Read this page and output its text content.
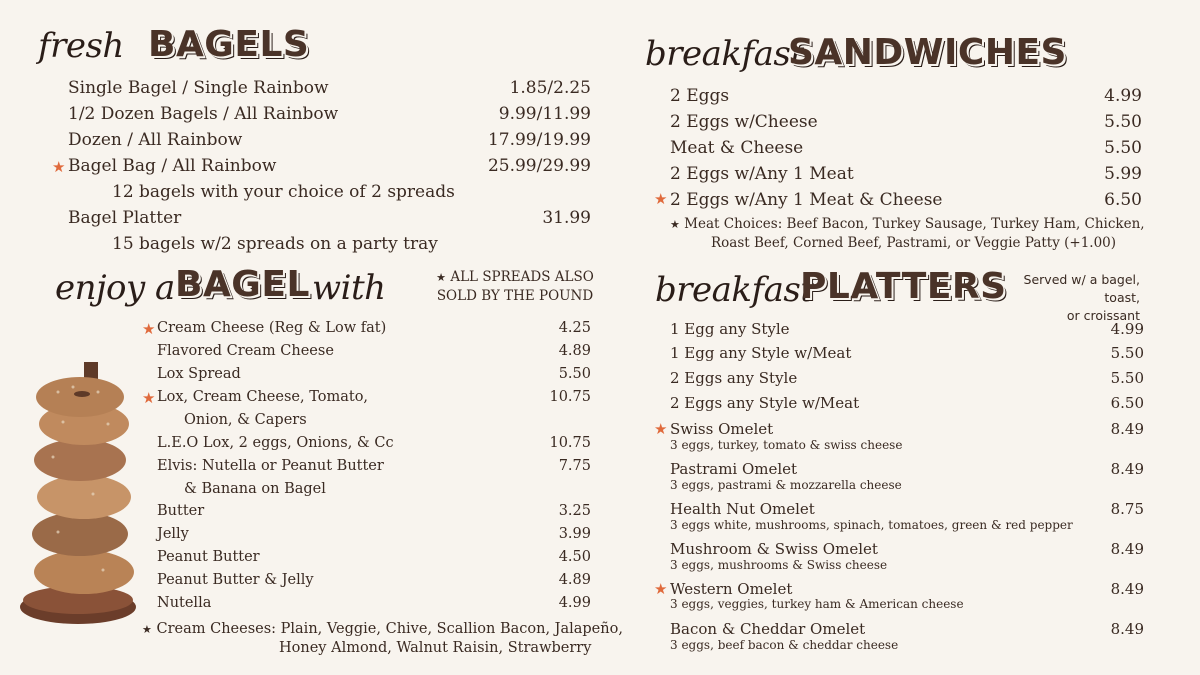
fresh BAGELS
★
Single Bagel / Single Rainbow	1.85/2.25
1/2 Dozen Bagels / All Rainbow	9.99/11.99
Dozen / All Rainbow	17.99/19.99
Bagel Bag / All Rainbow	25.99/29.99
12 bagels with your choice of 2 spreads
Bagel Platter	31.99
15 bagels w/2 spreads on a party tray
enjoy a BAGEL with	★ ALL SPREADS ALSO
SOLD BY THE POUND
★
★
Cream Cheese (Reg & Low fat)	4.25
Flavored Cream Cheese	4.89
Lox Spread	5.50
Lox, Cream Cheese, Tomato,	10.75
Onion, & Capers
L.E.O Lox, 2 eggs, Onions, & Cc	10.75
Elvis: Nutella or Peanut Butter	7.75
& Banana on Bagel
Butter	3.25
Jelly	3.99
Peanut Butter	4.50
Peanut Butter & Jelly	4.89
Nutella	4.99
★ Cream Cheeses: Plain, Veggie, Chive, Scallion Bacon, Jalapeño,
Honey Almond, Walnut Raisin, Strawberry
breakfast
SANDWICHES
★
2 Eggs	4.99
2 Eggs w/Cheese	5.50
Meat & Cheese	5.50
2 Eggs w/Any 1 Meat	5.99
2 Eggs w/Any 1 Meat & Cheese	6.50
★ Meat Choices: Beef Bacon, Turkey Sausage, Turkey Ham, Chicken,
Roast Beef, Corned Beef, Pastrami, or Veggie Patty (+1.00)
breakfast
PLATTERS	Served w/ a bagel, toast,
or croissant
1 Egg any Style	4.99
1 Egg any Style w/Meat	5.50
2 Eggs any Style	5.50
2 Eggs any Style w/Meat	6.50
★ Swiss Omelet	8.49
3 eggs, turkey, tomato & swiss cheese
Pastrami Omelet	8.49
3 eggs, pastrami & mozzarella cheese
Health Nut Omelet	8.75
3 eggs white, mushrooms, spinach, tomatoes, green & red pepper
Mushroom & Swiss Omelet	8.49
3 eggs, mushrooms & Swiss cheese
★ Western Omelet	8.49
3 eggs, veggies, turkey ham & American cheese
Bacon & Cheddar Omelet	8.49
3 eggs, beef bacon & cheddar cheese
